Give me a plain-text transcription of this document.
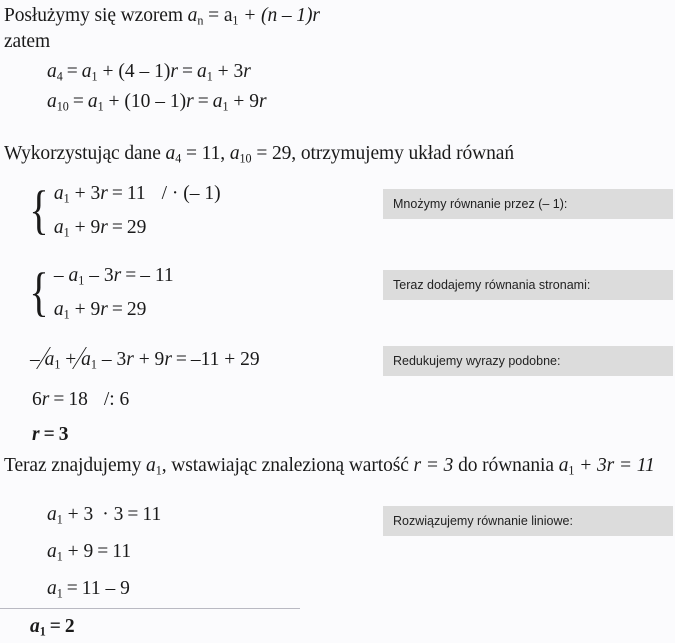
Posłużymy się wzorem $a_n = a_1 + (n - 1)r$
zatem
$a_4 = a_1 + (4 - 1)r = a_1 + 3r$
$a_{10} = a_1 + (10 - 1)r = a_1 + 9r$
Wykorzystując dane $a_4 = 11$, $a_{10} = 29$, otrzymujemy układ równań
{ $a_1 + 3r = 11$ / · (– 1)
$a_1 + 9r = 29$
{ – $a_1 - 3r$ = – 11
$a_1 + 9r = 29$
– $a_1 + a_1 - 3r + 9r = -11 + 29$
6r = 18 /: 6
r = 3
Teraz znajdujemy $a_1$, wstawiając znalezioną wartość r = 3 do równania $a_1 + 3r = 11$
$a_1 + 3 \cdot 3 = 11$
$a_1 + 9 = 11$
$a_1 = 11 - 9$
$a_1 = 2$
Mnożymy równanie przez (– 1):
Teraz dodajemy równania stronami:
Redukujemy wyrazy podobne:
Rozwiązujemy równanie liniowe:
